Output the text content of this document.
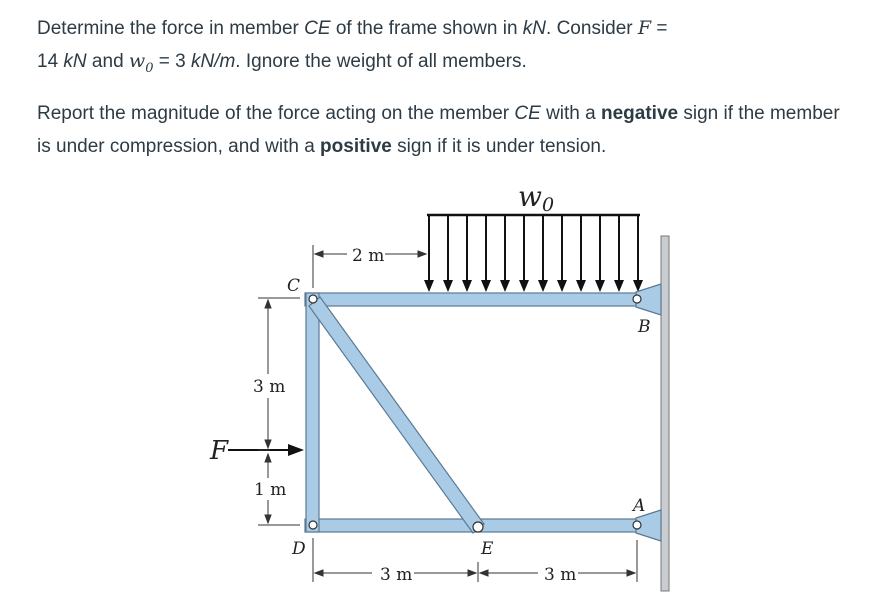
Determine the force in member CE of the frame shown in kN. Consider F =
14 kN and $w_0 = 3$ kN/m. Ignore the weight of all members.

Report the magnitude of the force acting on the member CE with a negative sign if the member is under compression, and with a positive sign if it is under tension.

w0
F
2 m
3 m
1 m
3 m	3 m
C
B
A
D	E
